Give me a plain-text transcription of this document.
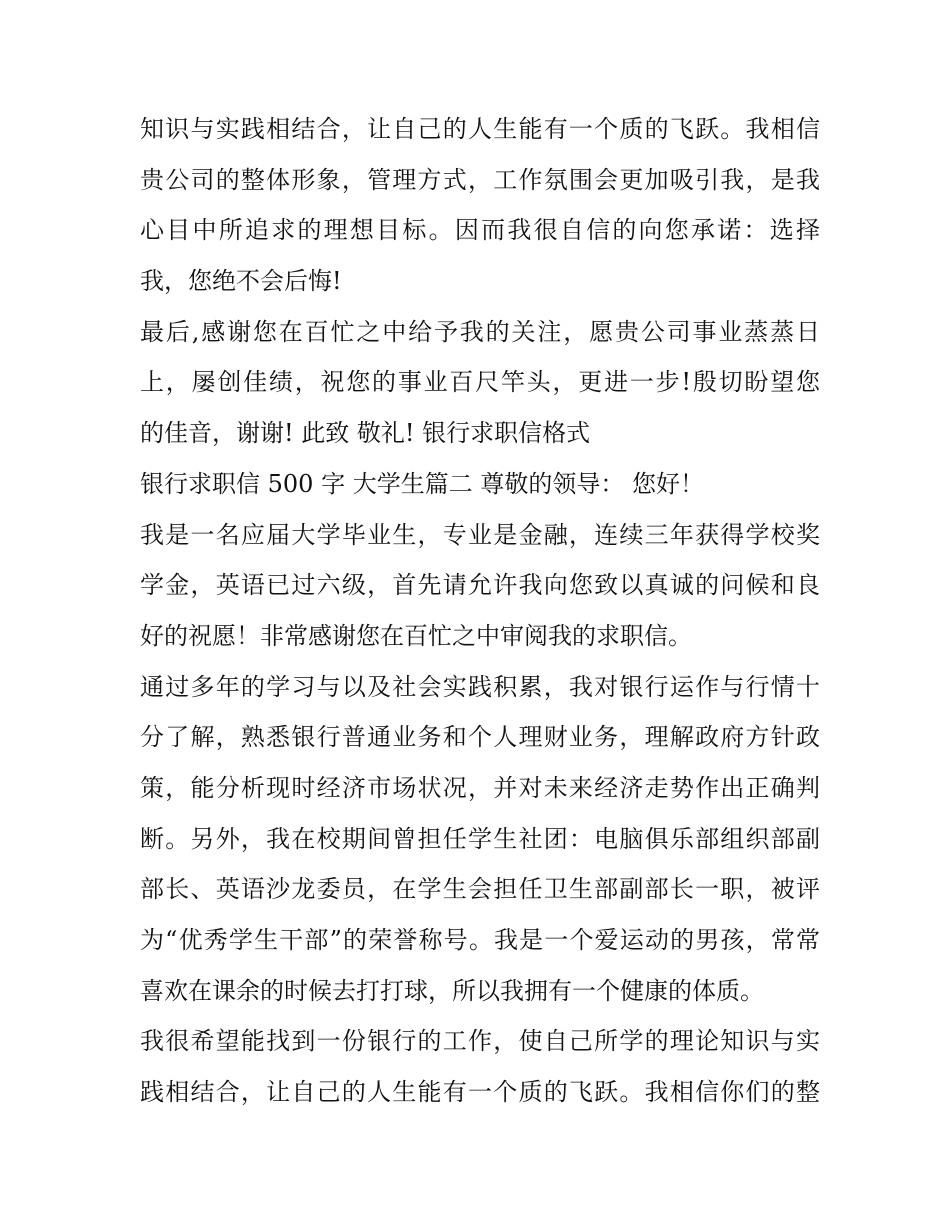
知识与实践相结合，让自己的人生能有一个质的飞跃。我相信
贵公司的整体形象，管理方式，工作氛围会更加吸引我，是我
心目中所追求的理想目标。因而我很自信的向您承诺：选择
我，您绝不会后悔!
最后,感谢您在百忙之中给予我的关注，愿贵公司事业蒸蒸日
上，屡创佳绩，祝您的事业百尺竿头，更进一步!殷切盼望您
的佳音，谢谢! 此致 敬礼! 银行求职信格式
银行求职信 500 字 大学生篇二 尊敬的领导： 您好！
我是一名应届大学毕业生，专业是金融，连续三年获得学校奖
学金，英语已过六级，首先请允许我向您致以真诚的问候和良
好的祝愿！非常感谢您在百忙之中审阅我的求职信。
通过多年的学习与以及社会实践积累，我对银行运作与行情十
分了解，熟悉银行普通业务和个人理财业务，理解政府方针政
策，能分析现时经济市场状况，并对未来经济走势作出正确判
断。另外，我在校期间曾担任学生社团：电脑俱乐部组织部副
部长、英语沙龙委员，在学生会担任卫生部副部长一职，被评
为“优秀学生干部”的荣誉称号。我是一个爱运动的男孩，常常
喜欢在课余的时候去打打球，所以我拥有一个健康的体质。
我很希望能找到一份银行的工作，使自己所学的理论知识与实
践相结合，让自己的人生能有一个质的飞跃。我相信你们的整
